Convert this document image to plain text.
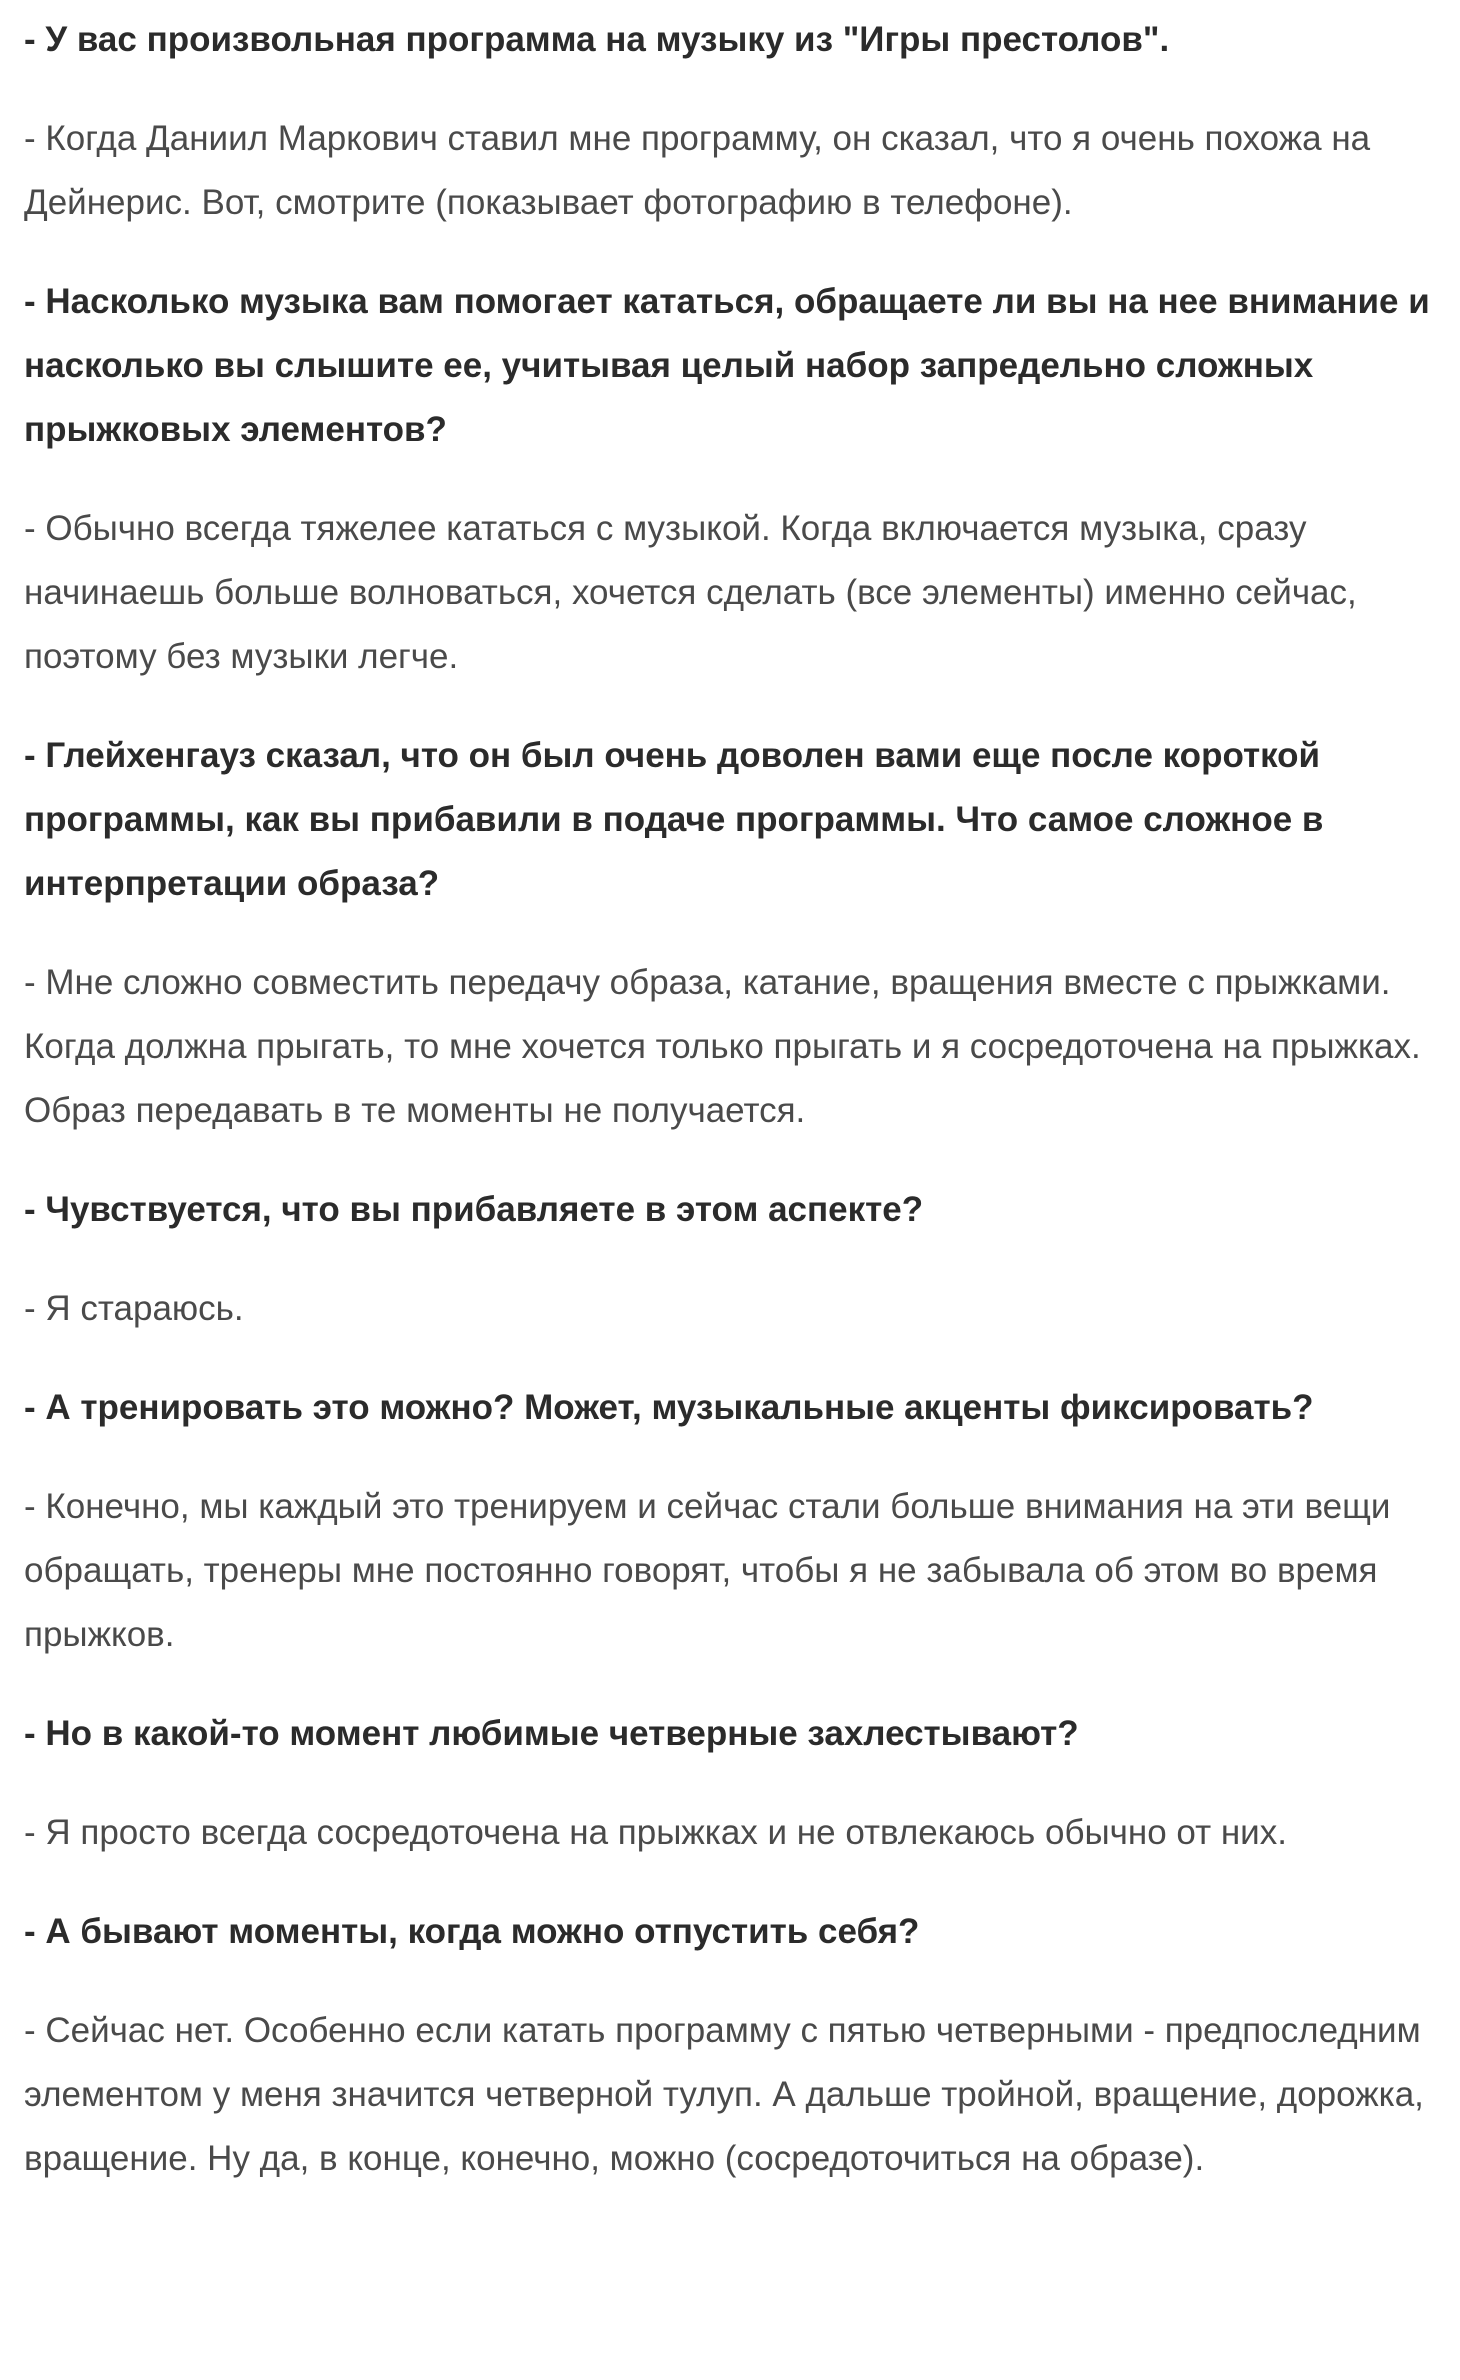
- У вас произвольная программа на музыку из "Игры престолов".

- Когда Даниил Маркович ставил мне программу, он сказал, что я очень похожа на Дейнерис. Вот, смотрите (показывает фотографию в телефоне).

- Насколько музыка вам помогает кататься, обращаете ли вы на нее внимание и насколько вы слышите ее, учитывая целый набор запредельно сложных прыжковых элементов?

- Обычно всегда тяжелее кататься с музыкой. Когда включается музыка, сразу начинаешь больше волноваться, хочется сделать (все элементы) именно сейчас, поэтому без музыки легче.

- Глейхенгауз сказал, что он был очень доволен вами еще после короткой программы, как вы прибавили в подаче программы. Что самое сложное в интерпретации образа?

- Мне сложно совместить передачу образа, катание, вращения вместе с прыжками. Когда должна прыгать, то мне хочется только прыгать и я сосредоточена на прыжках. Образ передавать в те моменты не получается.

- Чувствуется, что вы прибавляете в этом аспекте?

- Я стараюсь.

- А тренировать это можно? Может, музыкальные акценты фиксировать?

- Конечно, мы каждый это тренируем и сейчас стали больше внимания на эти вещи обращать, тренеры мне постоянно говорят, чтобы я не забывала об этом во время прыжков.

- Но в какой-то момент любимые четверные захлестывают?

- Я просто всегда сосредоточена на прыжках и не отвлекаюсь обычно от них.

- А бывают моменты, когда можно отпустить себя?

- Сейчас нет. Особенно если катать программу с пятью четверными - предпоследним элементом у меня значится четверной тулуп. А дальше тройной, вращение, дорожка, вращение. Ну да, в конце, конечно, можно (сосредоточиться на образе).
